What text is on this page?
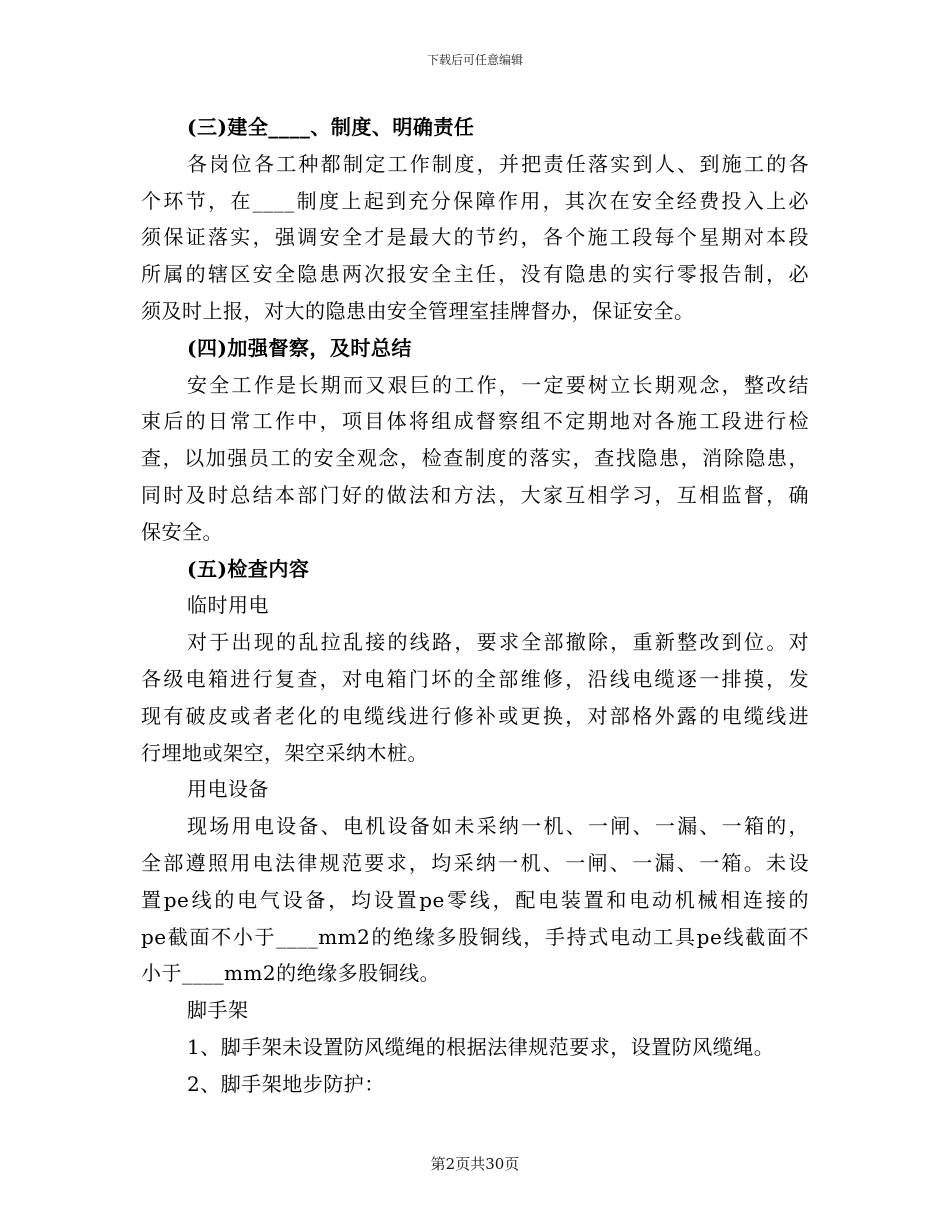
下载后可任意编辑
(三)建全____、制度、明确责任
各岗位各工种都制定工作制度，并把责任落实到人、到施工的各
个环节，在____制度上起到充分保障作用，其次在安全经费投入上必
须保证落实，强调安全才是最大的节约，各个施工段每个星期对本段
所属的辖区安全隐患两次报安全主任，没有隐患的实行零报告制，必
须及时上报，对大的隐患由安全管理室挂牌督办，保证安全。
(四)加强督察，及时总结
安全工作是长期而又艰巨的工作，一定要树立长期观念，整改结
束后的日常工作中，项目体将组成督察组不定期地对各施工段进行检
查，以加强员工的安全观念，检查制度的落实，查找隐患，消除隐患，
同时及时总结本部门好的做法和方法，大家互相学习，互相监督，确
保安全。
(五)检查内容
临时用电
对于出现的乱拉乱接的线路，要求全部撤除，重新整改到位。对
各级电箱进行复查，对电箱门坏的全部维修，沿线电缆逐一排摸，发
现有破皮或者老化的电缆线进行修补或更换，对部格外露的电缆线进
行埋地或架空，架空采纳木桩。
用电设备
现场用电设备、电机设备如未采纳一机、一闸、一漏、一箱的，
全部遵照用电法律规范要求，均采纳一机、一闸、一漏、一箱。未设
置pe线的电气设备，均设置pe零线，配电装置和电动机械相连接的
pe截面不小于____mm2的绝缘多股铜线，手持式电动工具pe线截面不
小于____mm2的绝缘多股铜线。
脚手架
1、脚手架未设置防风缆绳的根据法律规范要求，设置防风缆绳。
2、脚手架地步防护：
第2页共30页
